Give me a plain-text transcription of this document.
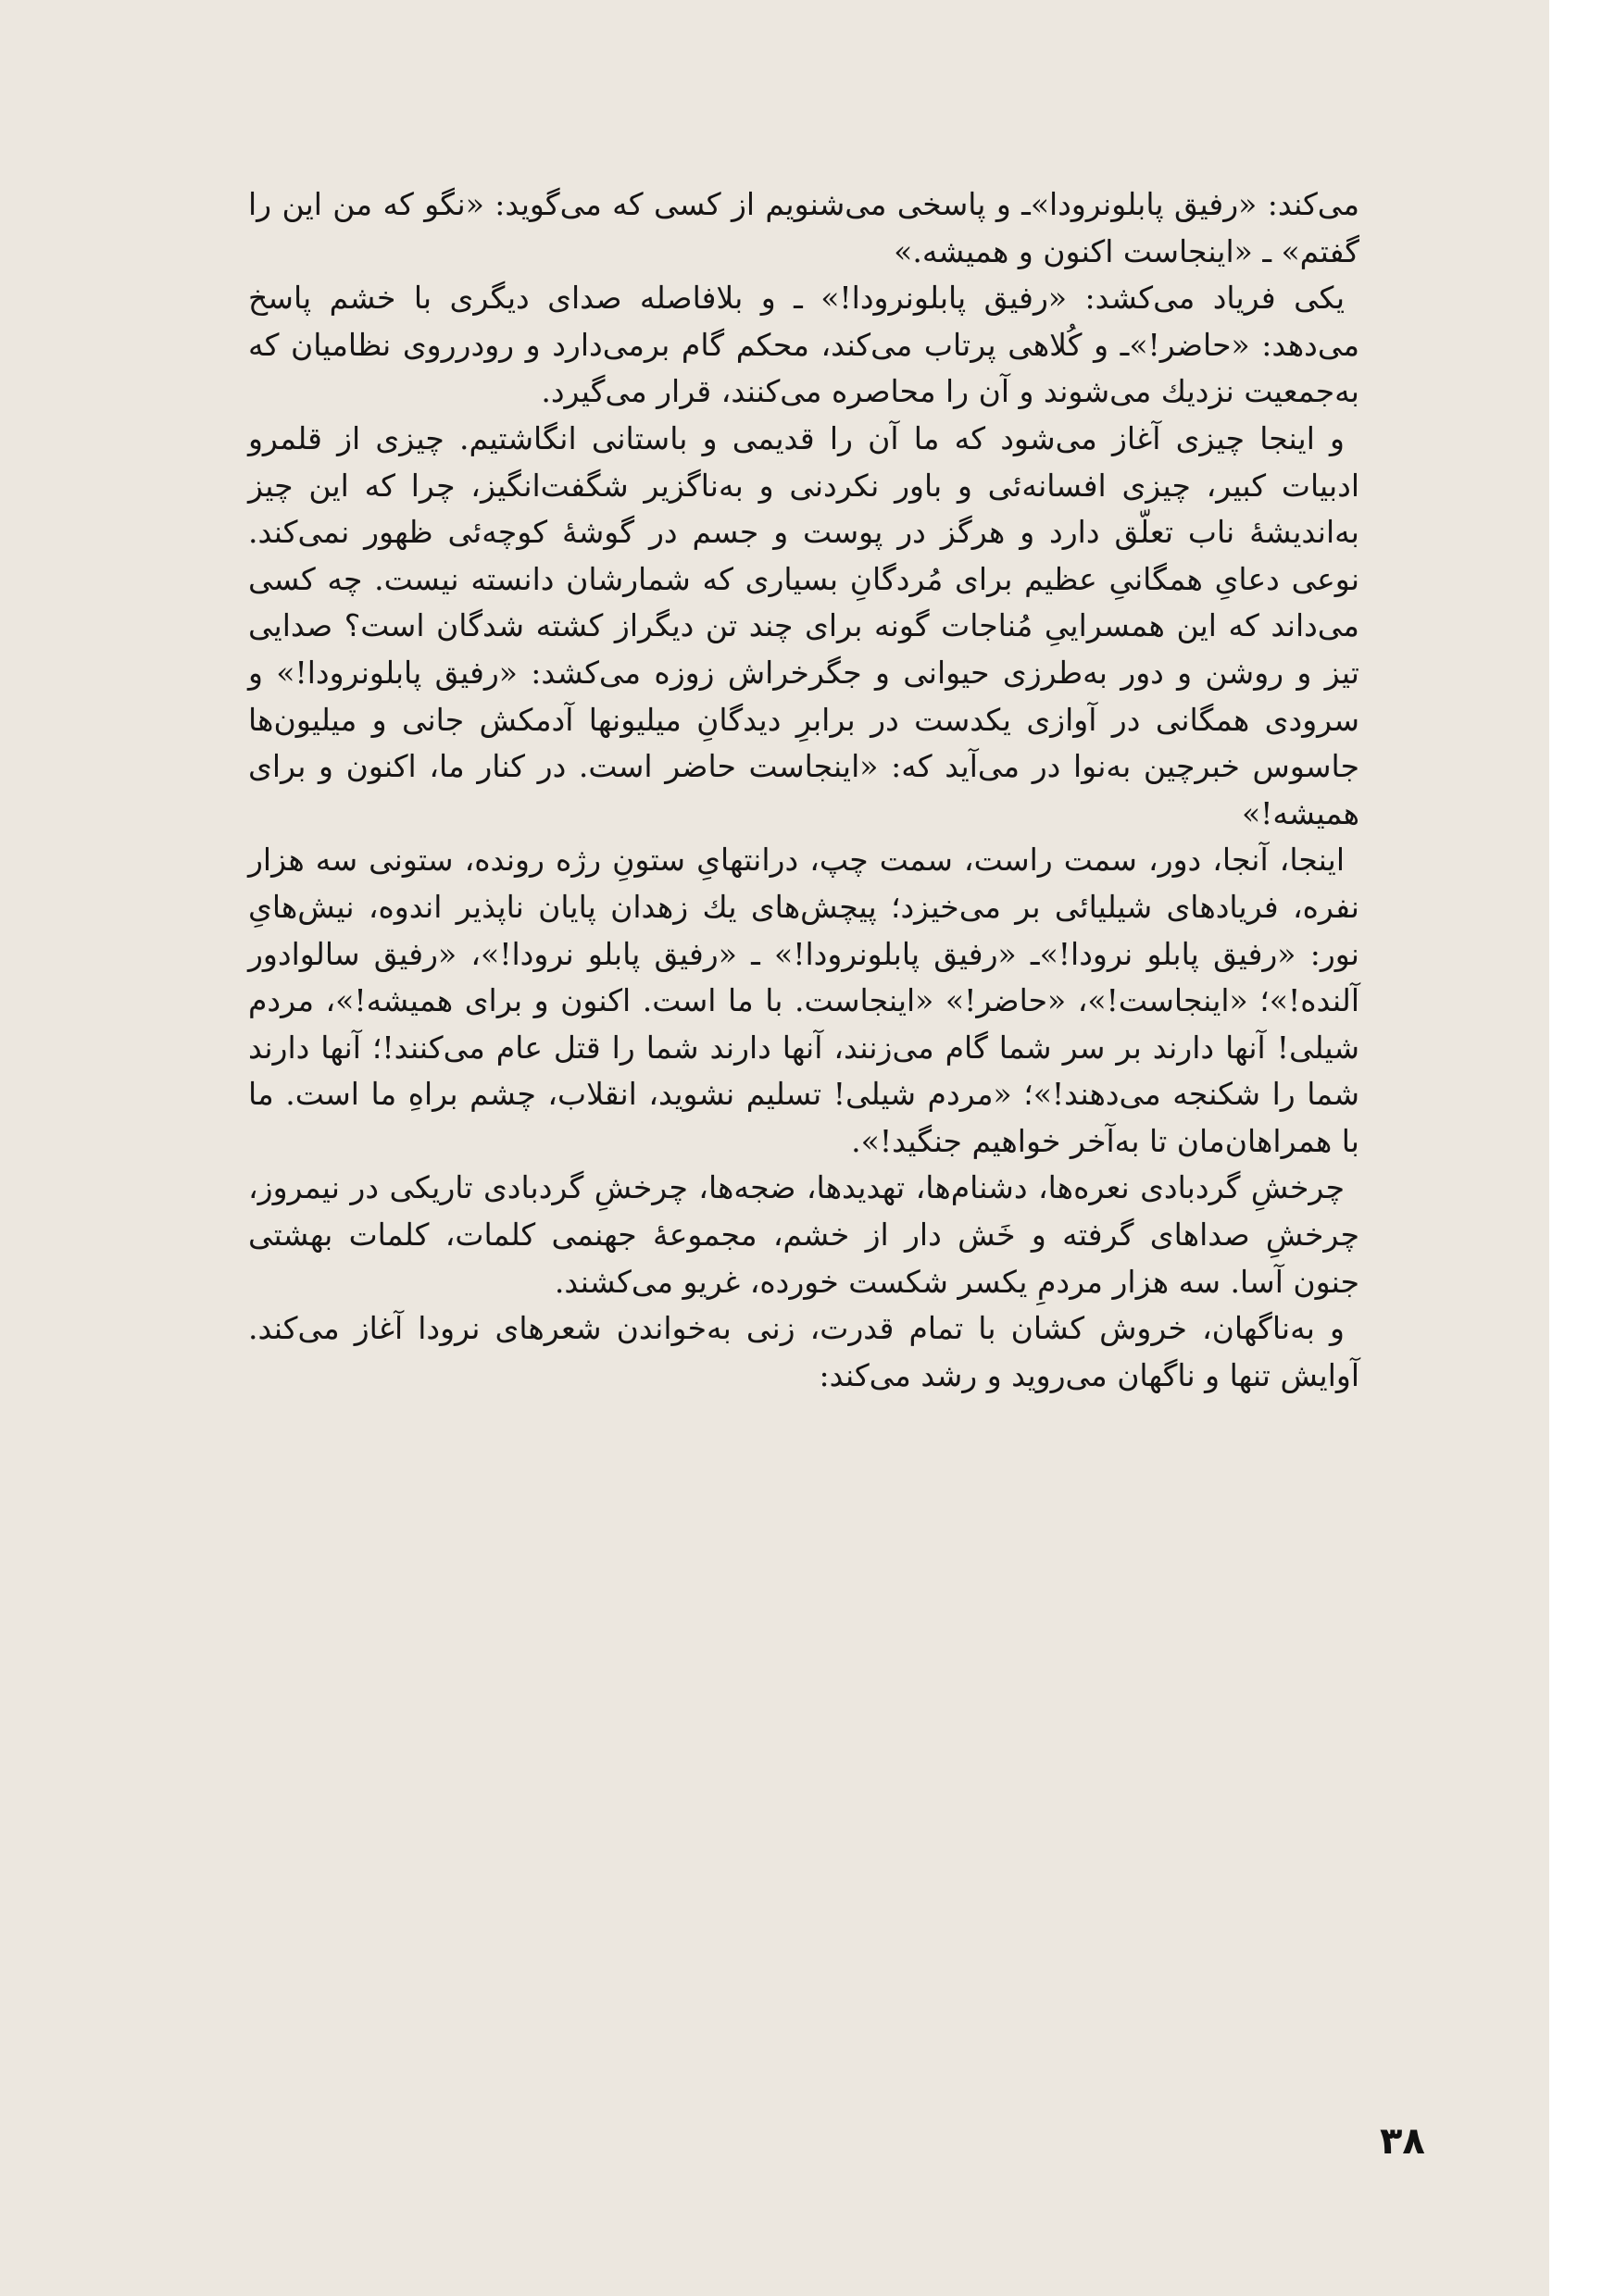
می‌کند: «رفیق پابلونرودا»ـ و پاسخی می‌شنویم از کسی که می‌گوید: «نگو که من این را گفتم» ـ «اینجاست اکنون و همیشه.»

یکی فریاد می‌کشد: «رفیق پابلونرودا!» ـ و بلافاصله صدای دیگری با خشم پاسخ می‌دهد: «حاضر!»ـ و کُلاهی پرتاب می‌کند، محکم گام برمی‌دارد و رودرروی نظامیان که به‌جمعیت نزدیك می‌شوند و آن را محاصره می‌کنند، قرار می‌گیرد.

و اینجا چیزی آغاز می‌شود که ما آن را قدیمی و باستانی انگاشتیم. چیزی از قلمرو ادبیات کبیر، چیزی افسانه‌ئی و باور نکردنی و به‌ناگزیر شگفت‌انگیز، چرا که این چیز به‌اندیشهٔ ناب تعلّق دارد و هرگز در پوست و جسم در گوشهٔ کوچه‌ئی ظهور نمی‌کند. نوعی دعایِ همگانیِ عظیم برای مُردگانِ بسیاری که شمارشان دانسته نیست. چه کسی می‌داند که این همسراییِ مُناجات گونه برای چند تن دیگراز کشته شدگان است؟ صدایی تیز و روشن و دور به‌طرزی حیوانی و جگرخراش زوزه می‌کشد: «رفیق پابلونرودا!» و سرودی همگانی در آوازی یکدست در برابرِ دیدگانِ میلیونها آدمکش جانی و میلیون‌ها جاسوس خبرچین به‌نوا در می‌آید که: «اینجاست حاضر است. در کنار ما، اکنون و برای همیشه!»

اینجا، آنجا، دور، سمت راست، سمت چپ، درانتهایِ ستونِ رژه رونده، ستونی سه هزار نفره، فریادهای شیلیائی بر می‌خیزد؛ پیچش‌های یك زهدان پایان ناپذیر اندوه، نیش‌هایِ نور: «رفیق پابلو نرودا!»ـ «رفیق پابلونرودا!» ـ «رفیق پابلو نرودا!»، «رفیق سالوادور آلنده!»؛ «اینجاست!»، «حاضر!» «اینجاست. با ما است. اکنون و برای همیشه!»، مردم شیلی! آنها دارند بر سر شما گام می‌زنند، آنها دارند شما را قتل عام می‌کنند!؛ آنها دارند شما را شکنجه می‌دهند!»؛ «مردم شیلی! تسلیم نشوید، انقلاب، چشم براهِ ما است. ما با همراهان‌مان تا به‌آخر خواهیم جنگید!».

چرخشِ گردبادی نعره‌ها، دشنام‌ها، تهدیدها، ضجه‌ها، چرخشِ گردبادی تاریکی در نیمروز، چرخشِ صداهای گرفته و خَش دار از خشم، مجموعهٔ جهنمی کلمات، کلمات بهشتی جنون آسا. سه هزار مردمِ یکسر شکست خورده، غریو می‌کشند.

و به‌ناگهان، خروش کشان با تمام قدرت، زنی به‌خواندن شعرهای نرودا آغاز می‌کند. آوایش تنها و ناگهان می‌روید و رشد می‌کند:

۳۸
